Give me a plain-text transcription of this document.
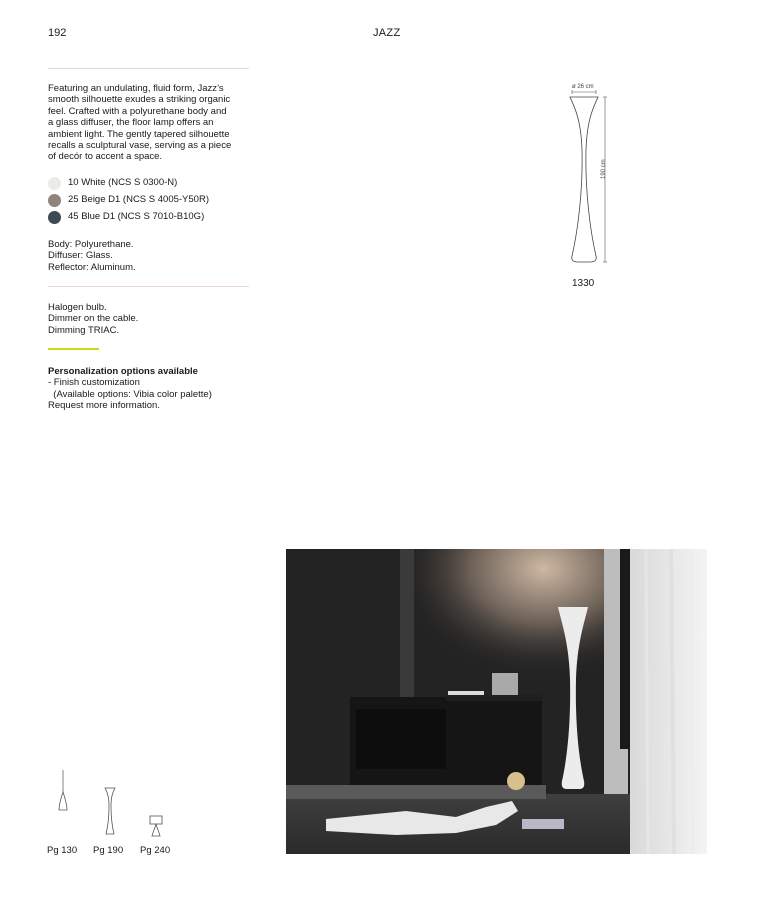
192	JAZZ
Featuring an undulating, fluid form, Jazz’s
smooth silhouette exudes a striking organic
feel. Crafted with a polyurethane body and
a glass diffuser, the floor lamp offers an
ambient light. The gently tapered silhouette
recalls a sculptural vase, serving as a piece
of decór to accent a space.
10 White (NCS S 0300-N)
25 Beige D1 (NCS S 4005-Y50R)
45 Blue D1 (NCS S 7010-B10G)
Body: Polyurethane.
Diffuser: Glass.
Reflector: Aluminum.
Halogen bulb.
Dimmer on the cable.
Dimming TRIAC.
Personalization options available
- Finish customization
(Available options: Vibia color palette)
Request more information.
ø 26 cm
190 cm
1330
Pg 130 Pg 190 Pg 240
